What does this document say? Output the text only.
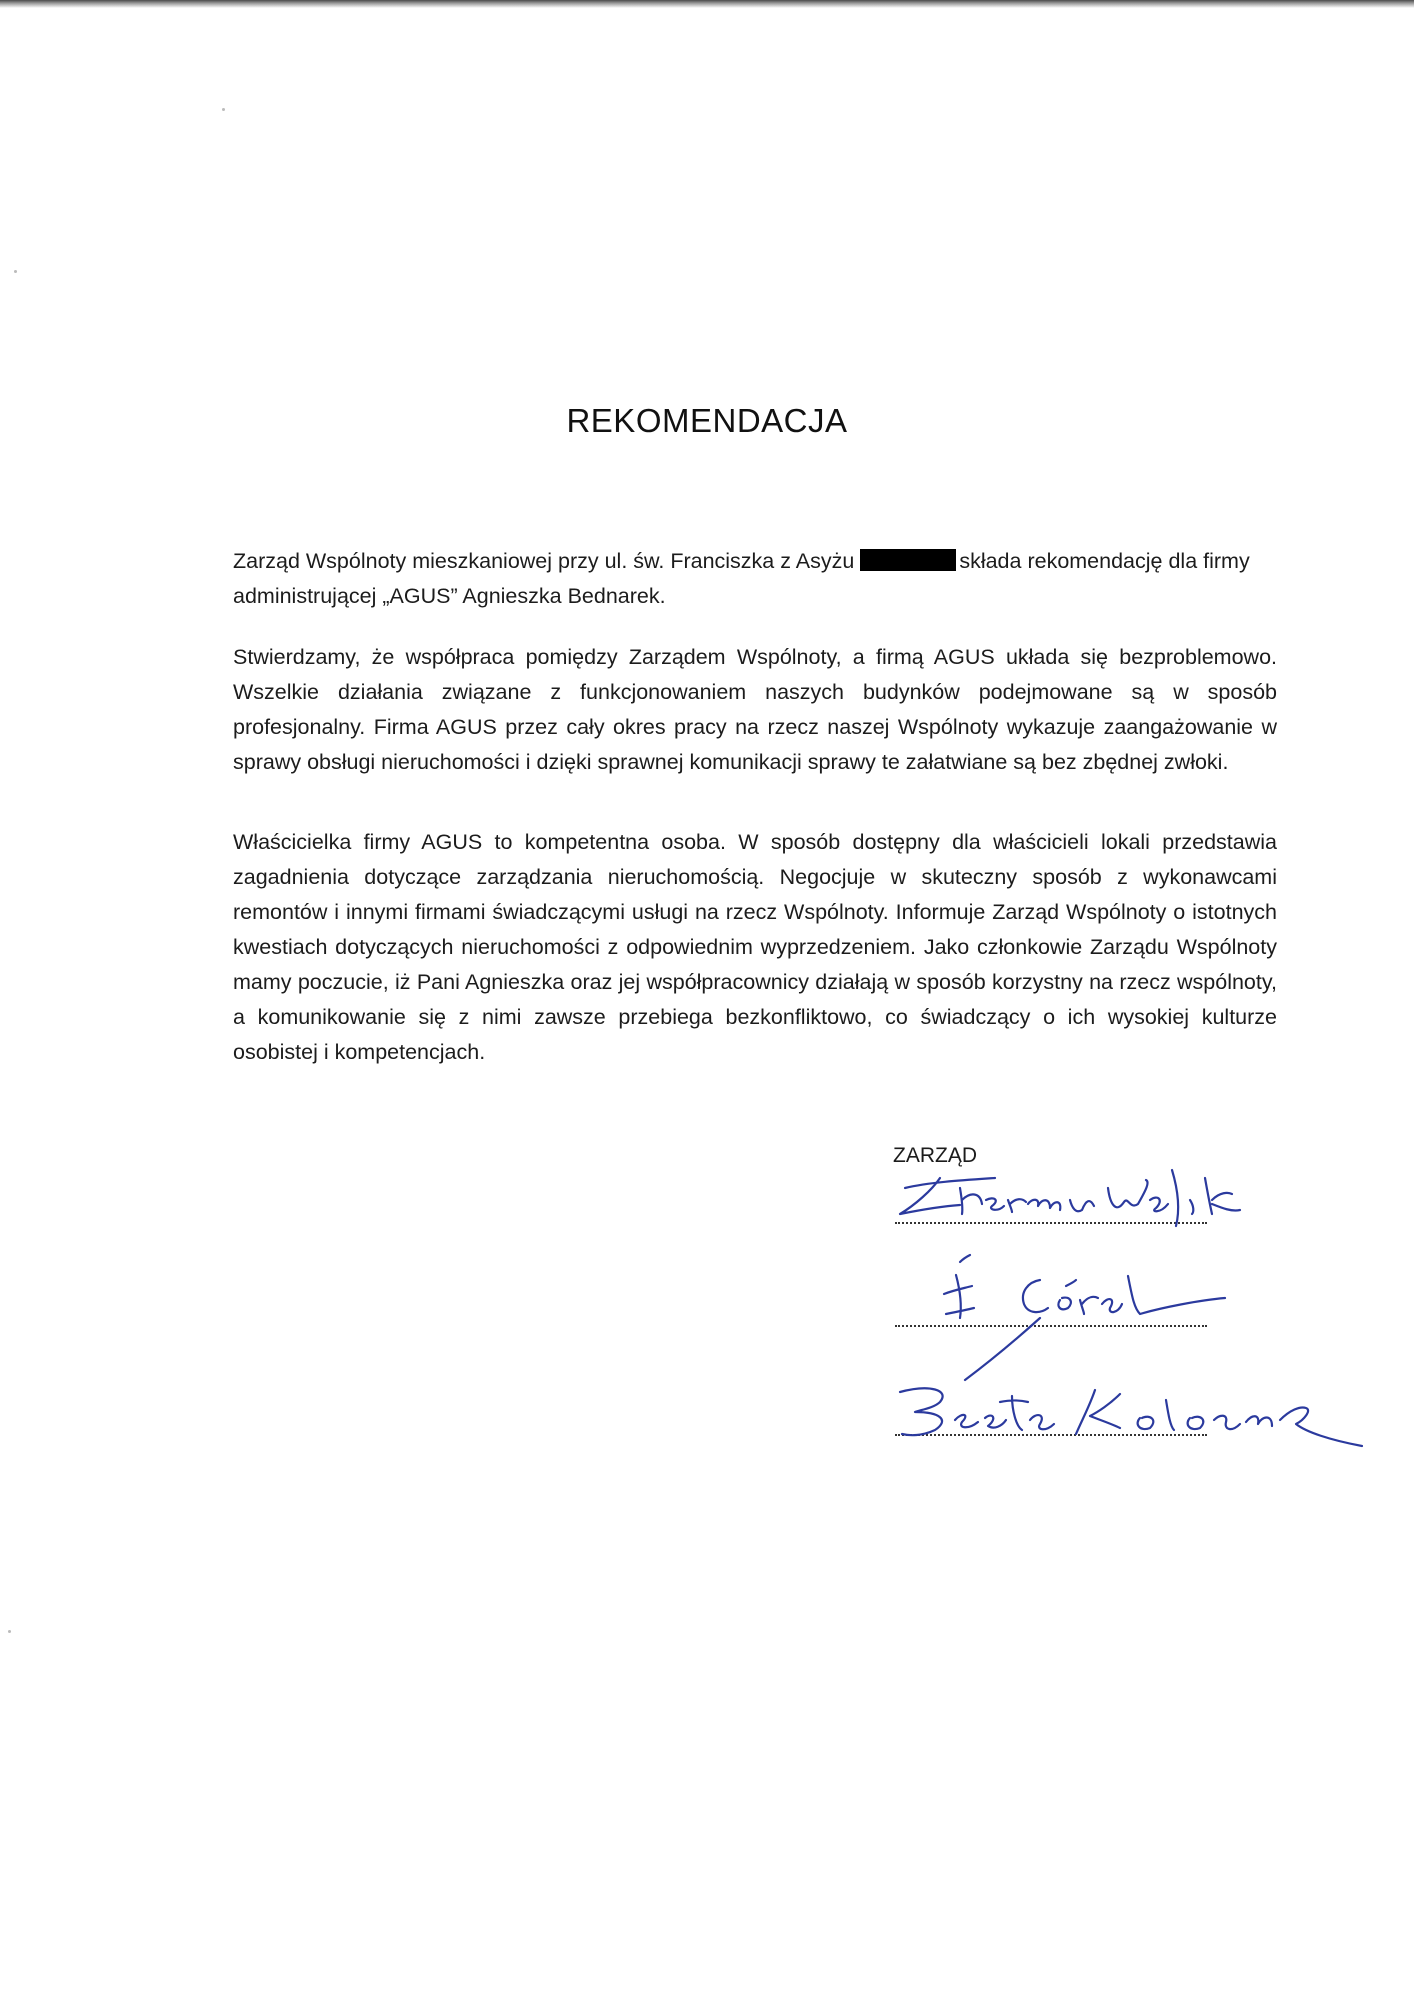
REKOMENDACJA
Zarząd Wspólnoty mieszkaniowej przy ul. św. Franciszka z Asyżu	składa rekomendację dla firmy administrującej „AGUS” Agnieszka Bednarek.
Stwierdzamy, że współpraca pomiędzy Zarządem Wspólnoty, a firmą AGUS układa się bezproblemowo. Wszelkie działania związane z funkcjonowaniem naszych budynków podejmowane są w sposób profesjonalny. Firma AGUS przez cały okres pracy na rzecz naszej Wspólnoty wykazuje zaangażowanie w sprawy obsługi nieruchomości i dzięki sprawnej komunikacji sprawy te załatwiane są bez zbędnej zwłoki.
Właścicielka firmy AGUS to kompetentna osoba. W sposób dostępny dla właścicieli lokali przedstawia zagadnienia dotyczące zarządzania nieruchomością. Negocjuje w skuteczny sposób z wykonawcami remontów i innymi firmami świadczącymi usługi na rzecz Wspólnoty. Informuje Zarząd Wspólnoty o istotnych kwestiach dotyczących nieruchomości z odpowiednim wyprzedzeniem. Jako członkowie Zarządu Wspólnoty mamy poczucie, iż Pani Agnieszka oraz jej współpracownicy działają w sposób korzystny na rzecz wspólnoty, a komunikowanie się z nimi zawsze przebiega bezkonfliktowo, co świadczący o ich wysokiej kulturze osobistej i kompetencjach.
ZARZĄD
